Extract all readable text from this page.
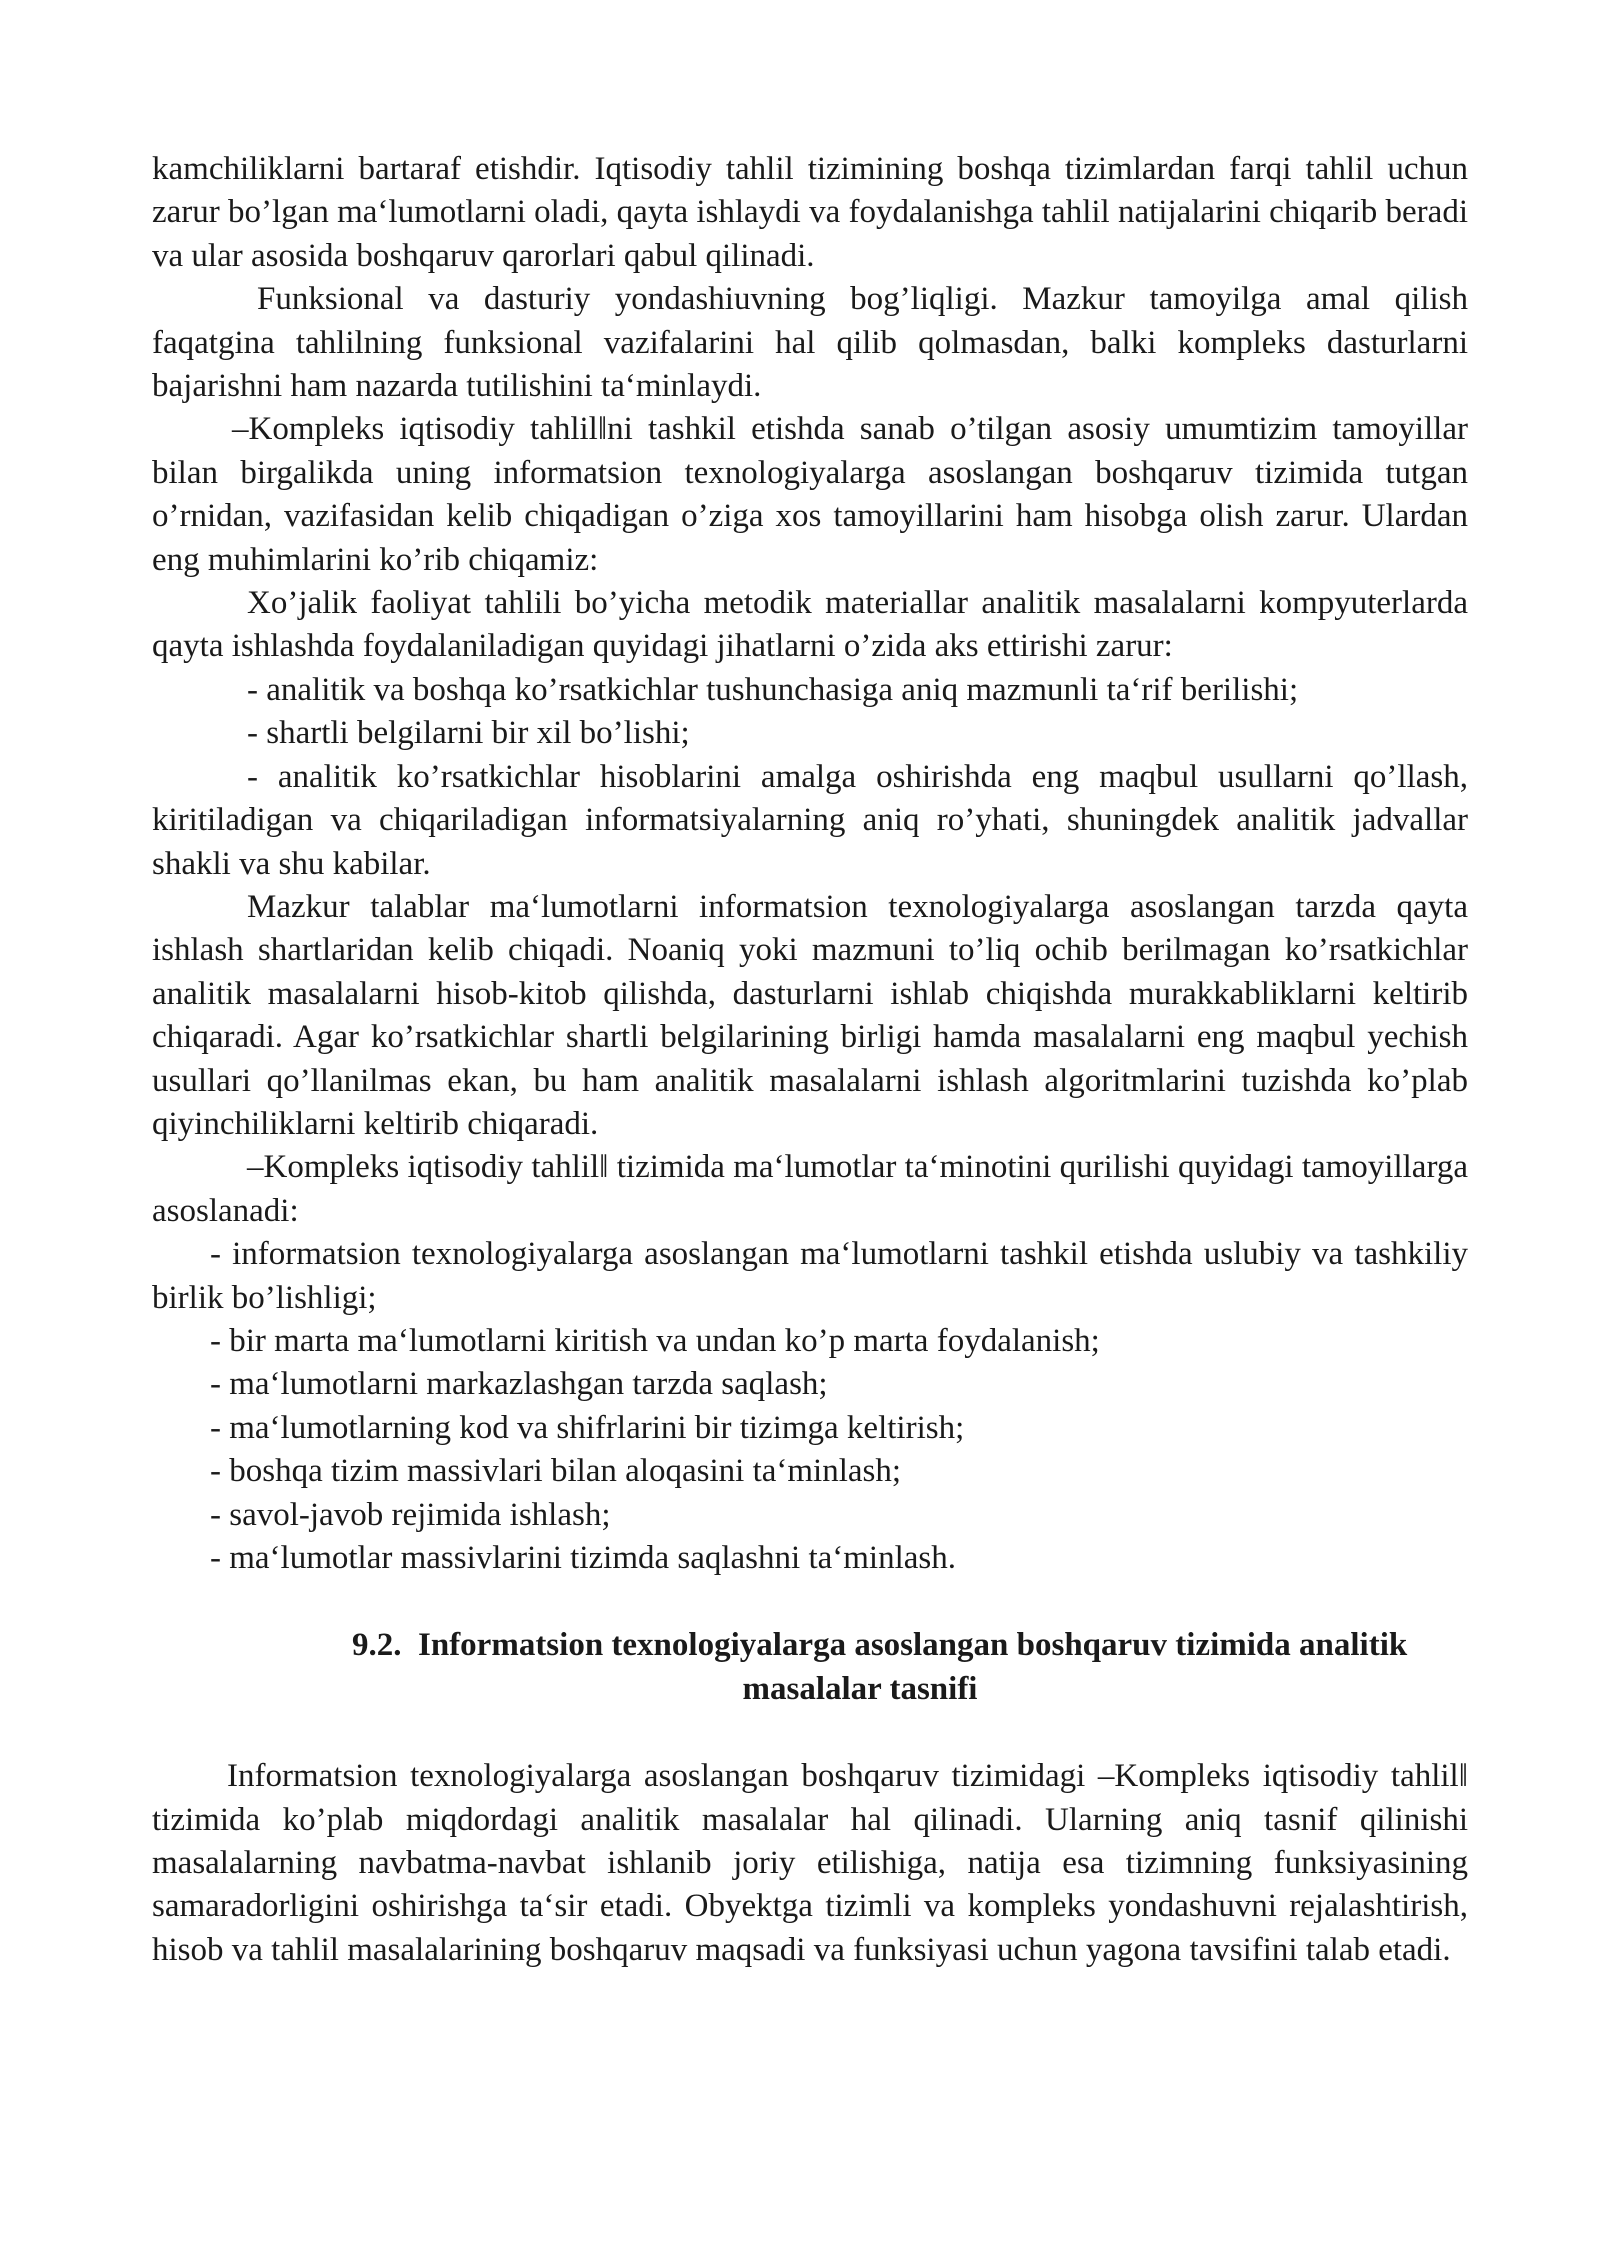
kamchiliklarni bartaraf etishdir. Iqtisodiy tahlil tizimining boshqa tizimlardan farqi tahlil uchun zarur bo’lgan ma‘lumotlarni oladi, qayta ishlaydi va foydalanishga tahlil natijalarini chiqarib beradi va ular asosida boshqaruv qarorlari qabul qilinadi.

Funksional va dasturiy yondashiuvning bog’liqligi. Mazkur tamoyilga amal qilish faqatgina tahlilning funksional vazifalarini hal qilib qolmasdan, balki kompleks dasturlarni bajarishni ham nazarda tutilishini ta‘minlaydi.

–Kompleks iqtisodiy tahlil‖ni tashkil etishda sanab o’tilgan asosiy umumtizim tamoyillar bilan birgalikda uning informatsion texnologiyalarga asoslangan boshqaruv tizimida tutgan o’rnidan, vazifasidan kelib chiqadigan o’ziga xos tamoyillarini ham hisobga olish zarur. Ulardan eng muhimlarini ko’rib chiqamiz:

Xo’jalik faoliyat tahlili bo’yicha metodik materiallar analitik masalalarni kompyuterlarda qayta ishlashda foydalaniladigan quyidagi jihatlarni o’zida aks ettirishi zarur:

- analitik va boshqa ko’rsatkichlar tushunchasiga aniq mazmunli ta‘rif berilishi;

- shartli belgilarni bir xil bo’lishi;

- analitik ko’rsatkichlar hisoblarini amalga oshirishda eng maqbul usullarni qo’llash, kiritiladigan va chiqariladigan informatsiyalarning aniq ro’yhati, shuningdek analitik jadvallar shakli va shu kabilar.

Mazkur talablar ma‘lumotlarni informatsion texnologiyalarga asoslangan tarzda qayta ishlash shartlaridan kelib chiqadi. Noaniq yoki mazmuni to’liq ochib berilmagan ko’rsatkichlar analitik masalalarni hisob-kitob qilishda, dasturlarni ishlab chiqishda murakkabliklarni keltirib chiqaradi. Agar ko’rsatkichlar shartli belgilarining birligi hamda masalalarni eng maqbul yechish usullari qo’llanilmas ekan, bu ham analitik masalalarni ishlash algoritmlarini tuzishda ko’plab qiyinchiliklarni keltirib chiqaradi.

–Kompleks iqtisodiy tahlil‖ tizimida ma‘lumotlar ta‘minotini qurilishi quyidagi tamoyillarga asoslanadi:

- informatsion texnologiyalarga asoslangan ma‘lumotlarni tashkil etishda uslubiy va tashkiliy birlik bo’lishligi;

- bir marta ma‘lumotlarni kiritish va undan ko’p marta foydalanish;

- ma‘lumotlarni markazlashgan tarzda saqlash;

- ma‘lumotlarning kod va shifrlarini bir tizimga keltirish;

- boshqa tizim massivlari bilan aloqasini ta‘minlash;

- savol-javob rejimida ishlash;

- ma‘lumotlar massivlarini tizimda saqlashni ta‘minlash.

9.2. Informatsion texnologiyalarga asoslangan boshqaruv tizimida analitik
masalalar tasnifi

Informatsion texnologiyalarga asoslangan boshqaruv tizimidagi –Kompleks iqtisodiy tahlil‖ tizimida ko’plab miqdordagi analitik masalalar hal qilinadi. Ularning aniq tasnif qilinishi masalalarning navbatma-navbat ishlanib joriy etilishiga, natija esa tizimning funksiyasining samaradorligini oshirishga ta‘sir etadi. Obyektga tizimli va kompleks yondashuvni rejalashtirish, hisob va tahlil masalalarining boshqaruv maqsadi va funksiyasi uchun yagona tavsifini talab etadi.
